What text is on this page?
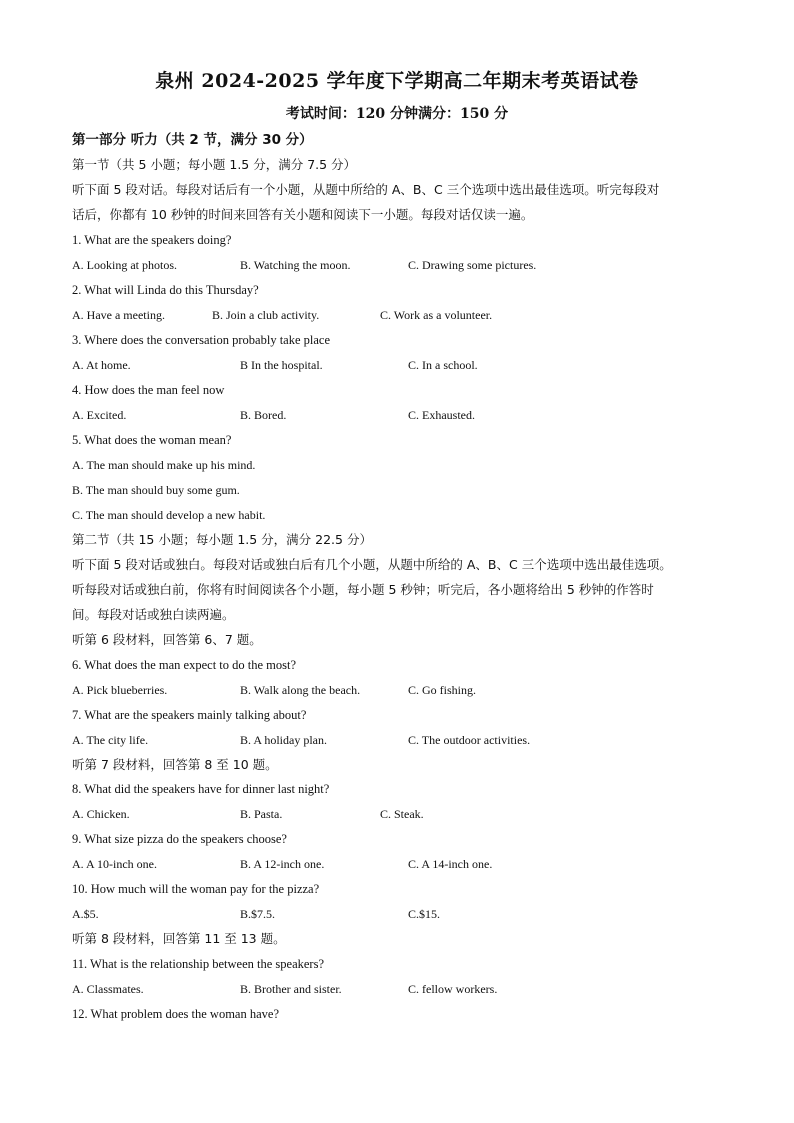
泉州 2024-2025 学年度下学期高二年期末考英语试卷
考试时间：120 分钟满分：150 分
第一部分 听力（共 2 节，满分 30 分）
第一节（共 5 小题；每小题 1.5 分，满分 7.5 分）
听下面 5 段对话。每段对话后有一个小题，从题中所给的 A、B、C 三个选项中选出最佳选项。听完每段对
话后，你都有 10 秒钟的时间来回答有关小题和阅读下一小题。每段对话仅读一遍。
1. What are the speakers doing?
A. Looking at photos.	B. Watching the moon.	C. Drawing some pictures.
2. What will Linda do this Thursday?
A. Have a meeting.	B. Join a club activity.	C. Work as a volunteer.
3. Where does the conversation probably take place
A. At home.	B In the hospital.	C. In a school.
4. How does the man feel now
A. Excited.	B. Bored.	C. Exhausted.
5. What does the woman mean?
A. The man should make up his mind.
B. The man should buy some gum.
C. The man should develop a new habit.
第二节（共 15 小题；每小题 1.5 分，满分 22.5 分）
听下面 5 段对话或独白。每段对话或独白后有几个小题，从题中所给的 A、B、C 三个选项中选出最佳选项。
听每段对话或独白前，你将有时间阅读各个小题，每小题 5 秒钟；听完后，各小题将给出 5 秒钟的作答时
间。每段对话或独白读两遍。
听第 6 段材料，回答第 6、7 题。
6. What does the man expect to do the most?
A. Pick blueberries.	B. Walk along the beach.	C. Go fishing.
7. What are the speakers mainly talking about?
A. The city life.	B. A holiday plan.	C. The outdoor activities.
听第 7 段材料，回答第 8 至 10 题。
8. What did the speakers have for dinner last night?
A. Chicken.	B. Pasta.	C. Steak.
9. What size pizza do the speakers choose?
A. A 10-inch one.	B. A 12-inch one.	C. A 14-inch one.
10. How much will the woman pay for the pizza?
A.$5.	B.$7.5.	C.$15.
听第 8 段材料，回答第 11 至 13 题。
11. What is the relationship between the speakers?
A. Classmates.	B. Brother and sister.	C. fellow workers.
12. What problem does the woman have?
